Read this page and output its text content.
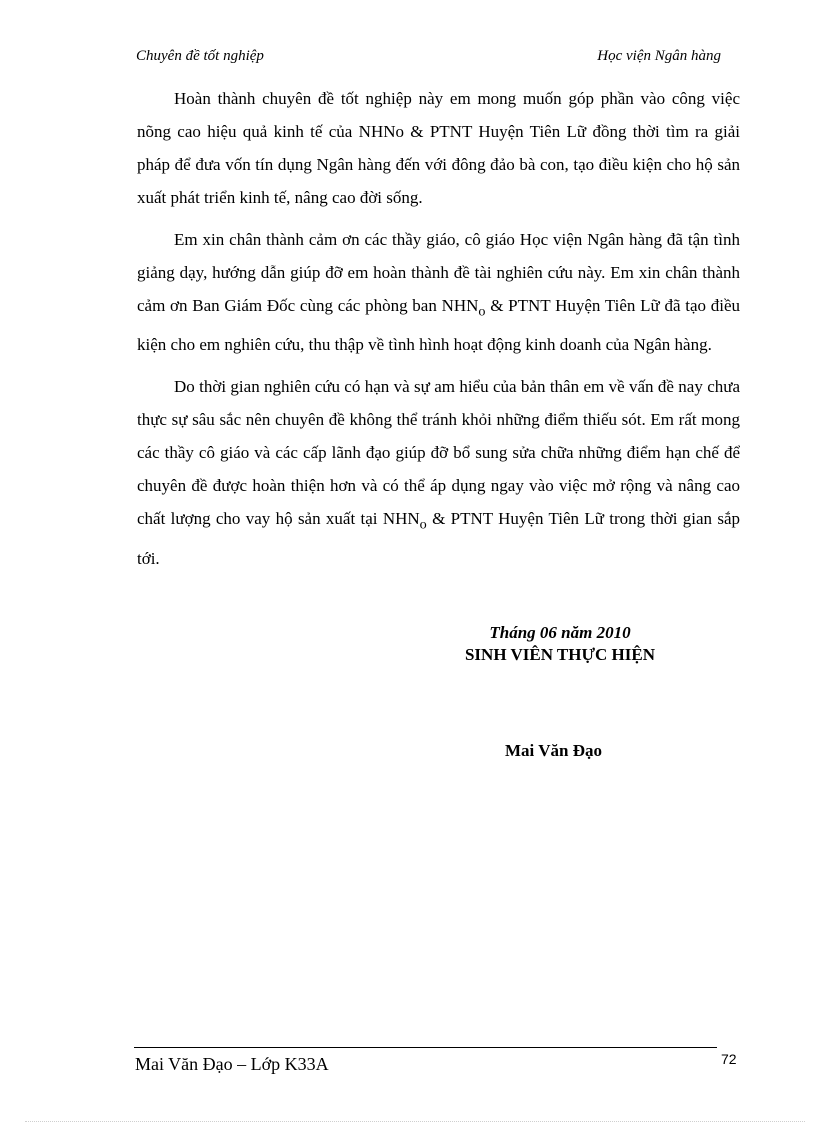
Chuyên đề tốt nghiệp	Học viện Ngân hàng

Hoàn thành chuyên đề tốt nghiệp này em mong muốn góp phần vào công việc nõng cao hiệu quả kinh tế của NHNo & PTNT Huyện Tiên Lữ đồng thời tìm ra giải pháp để đưa vốn tín dụng Ngân hàng đến với đông đảo bà con, tạo điều kiện cho hộ sản xuất phát triển kinh tế, nâng cao đời sống.

Em xin chân thành cảm ơn các thầy giáo, cô giáo Học viện Ngân hàng đã tận tình giảng dạy, hướng dẫn giúp đỡ em hoàn thành đề tài nghiên cứu này. Em xin chân thành cảm ơn Ban Giám Đốc cùng các phòng ban $NHN_o$ & PTNT Huyện Tiên Lữ đã tạo điều kiện cho em nghiên cứu, thu thập về tình hình hoạt động kinh doanh của Ngân hàng.

Do thời gian nghiên cứu có hạn và sự am hiểu của bản thân em về vấn đề nay chưa thực sự sâu sắc nên chuyên đề không thể tránh khỏi những điểm thiếu sót. Em rất mong các thầy cô giáo và các cấp lãnh đạo giúp đỡ bổ sung sửa chữa những điểm hạn chế để chuyên đề được hoàn thiện hơn và có thể áp dụng ngay vào việc mở rộng và nâng cao chất lượng cho vay hộ sản xuất tại $NHN_o$ & PTNT Huyện Tiên Lữ trong thời gian sắp tới.

Tháng 06 năm 2010
SINH VIÊN THỰC HIỆN
Mai Văn Đạo
Mai Văn Đạo – Lớp K33A	72
